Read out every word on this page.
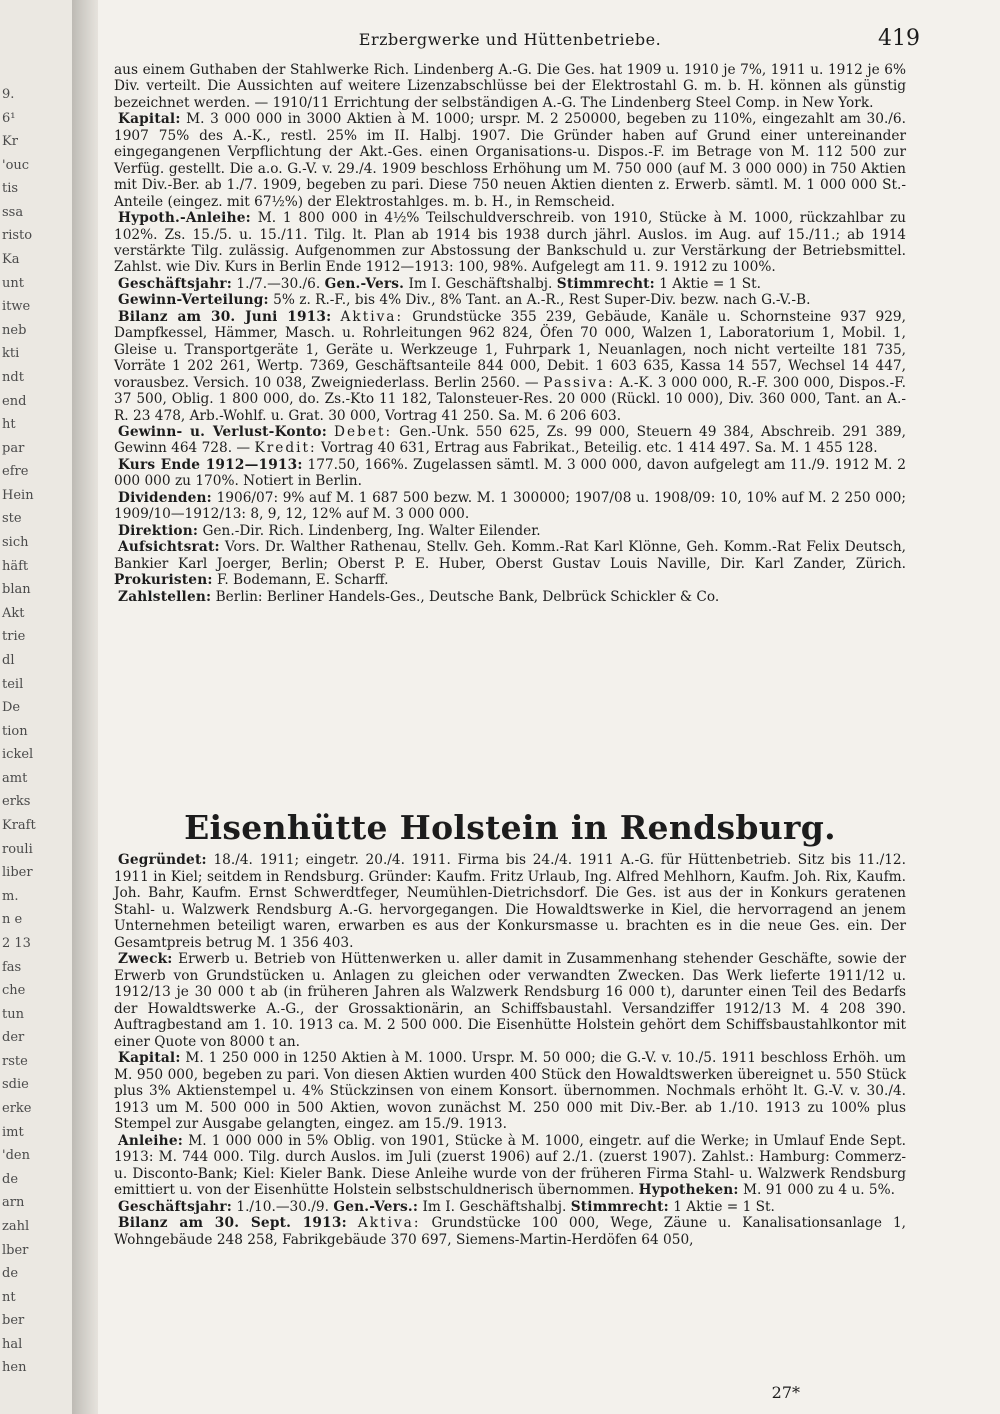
9.
6¹
Kr
'ouc
tis
ssa
risto
Ka
unt
itwe
neb
kti
ndt
end
ht
par
efre
Hein
ste
sich
häft
blan
Akt
trie
dl
teil
De
tion
ickel
amt
erks
Kraft
rouli
liber
m.
n e
2 13
fas
che
tun
der
rste
sdie
erke
imt
'den
de
arn
zahl
lber
de
nt
ber
hal
hen
Erzbergwerke und Hüttenbetriebe.	419

aus einem Guthaben der Stahlwerke Rich. Lindenberg A.-G. Die Ges. hat 1909 u. 1910 je 7%, 1911 u. 1912 je 6% Div. verteilt. Die Aussichten auf weitere Lizenzabschlüsse bei der Elektrostahl G. m. b. H. können als günstig bezeichnet werden. — 1910/11 Errichtung der selbständigen A.-G. The Lindenberg Steel Comp. in New York.

Kapital: M. 3 000 000 in 3000 Aktien à M. 1000; urspr. M. 2 250000, begeben zu 110%, eingezahlt am 30./6. 1907 75% des A.-K., restl. 25% im II. Halbj. 1907. Die Gründer haben auf Grund einer untereinander eingegangenen Verpflichtung der Akt.-Ges. einen Organisations-u. Dispos.-F. im Betrage von M. 112 500 zur Verfüg. gestellt. Die a.o. G.-V. v. 29./4. 1909 beschloss Erhöhung um M. 750 000 (auf M. 3 000 000) in 750 Aktien mit Div.-Ber. ab 1./7. 1909, begeben zu pari. Diese 750 neuen Aktien dienten z. Erwerb. sämtl. M. 1 000 000 St.-Anteile (eingez. mit 67½%) der Elektrostahlges. m. b. H., in Remscheid.

Hypoth.-Anleihe: M. 1 800 000 in 4½% Teilschuldverschreib. von 1910, Stücke à M. 1000, rückzahlbar zu 102%. Zs. 15./5. u. 15./11. Tilg. lt. Plan ab 1914 bis 1938 durch jährl. Auslos. im Aug. auf 15./11.; ab 1914 verstärkte Tilg. zulässig. Aufgenommen zur Abstossung der Bankschuld u. zur Verstärkung der Betriebsmittel. Zahlst. wie Div. Kurs in Berlin Ende 1912—1913: 100, 98%. Aufgelegt am 11. 9. 1912 zu 100%.

Geschäftsjahr: 1./7.—30./6. Gen.-Vers. Im I. Geschäftshalbj. Stimmrecht: 1 Aktie = 1 St.

Gewinn-Verteilung: 5% z. R.-F., bis 4% Div., 8% Tant. an A.-R., Rest Super-Div. bezw. nach G.-V.-B.

Bilanz am 30. Juni 1913: Aktiva: Grundstücke 355 239, Gebäude, Kanäle u. Schornsteine 937 929, Dampfkessel, Hämmer, Masch. u. Rohrleitungen 962 824, Öfen 70 000, Walzen 1, Laboratorium 1, Mobil. 1, Gleise u. Transportgeräte 1, Geräte u. Werkzeuge 1, Fuhrpark 1, Neuanlagen, noch nicht verteilte 181 735, Vorräte 1 202 261, Wertp. 7369, Geschäftsanteile 844 000, Debit. 1 603 635, Kassa 14 557, Wechsel 14 447, vorausbez. Versich. 10 038, Zweigniederlass. Berlin 2560. — Passiva: A.-K. 3 000 000, R.-F. 300 000, Dispos.-F. 37 500, Oblig. 1 800 000, do. Zs.-Kto 11 182, Talonsteuer-Res. 20 000 (Rückl. 10 000), Div. 360 000, Tant. an A.-R. 23 478, Arb.-Wohlf. u. Grat. 30 000, Vortrag 41 250. Sa. M. 6 206 603.

Gewinn- u. Verlust-Konto: Debet: Gen.-Unk. 550 625, Zs. 99 000, Steuern 49 384, Abschreib. 291 389, Gewinn 464 728. — Kredit: Vortrag 40 631, Ertrag aus Fabrikat., Beteilig. etc. 1 414 497. Sa. M. 1 455 128.

Kurs Ende 1912—1913: 177.50, 166%. Zugelassen sämtl. M. 3 000 000, davon aufgelegt am 11./9. 1912 M. 2 000 000 zu 170%. Notiert in Berlin.

Dividenden: 1906/07: 9% auf M. 1 687 500 bezw. M. 1 300000; 1907/08 u. 1908/09: 10, 10% auf M. 2 250 000; 1909/10—1912/13: 8, 9, 12, 12% auf M. 3 000 000.

Direktion: Gen.-Dir. Rich. Lindenberg, Ing. Walter Eilender.

Aufsichtsrat: Vors. Dr. Walther Rathenau, Stellv. Geh. Komm.-Rat Karl Klönne, Geh. Komm.-Rat Felix Deutsch, Bankier Karl Joerger, Berlin; Oberst P. E. Huber, Oberst Gustav Louis Naville, Dir. Karl Zander, Zürich. Prokuristen: F. Bodemann, E. Scharff.

Zahlstellen: Berlin: Berliner Handels-Ges., Deutsche Bank, Delbrück Schickler & Co.

Eisenhütte Holstein in Rendsburg.

Gegründet: 18./4. 1911; eingetr. 20./4. 1911. Firma bis 24./4. 1911 A.-G. für Hüttenbetrieb. Sitz bis 11./12. 1911 in Kiel; seitdem in Rendsburg. Gründer: Kaufm. Fritz Urlaub, Ing. Alfred Mehlhorn, Kaufm. Joh. Rix, Kaufm. Joh. Bahr, Kaufm. Ernst Schwerdtfeger, Neumühlen-Dietrichsdorf. Die Ges. ist aus der in Konkurs geratenen Stahl- u. Walzwerk Rendsburg A.-G. hervorgegangen. Die Howaldtswerke in Kiel, die hervorragend an jenem Unternehmen beteiligt waren, erwarben es aus der Konkursmasse u. brachten es in die neue Ges. ein. Der Gesamtpreis betrug M. 1 356 403.

Zweck: Erwerb u. Betrieb von Hüttenwerken u. aller damit in Zusammenhang stehender Geschäfte, sowie der Erwerb von Grundstücken u. Anlagen zu gleichen oder verwandten Zwecken. Das Werk lieferte 1911/12 u. 1912/13 je 30 000 t ab (in früheren Jahren als Walzwerk Rendsburg 16 000 t), darunter einen Teil des Bedarfs der Howaldtswerke A.-G., der Grossaktionärin, an Schiffsbaustahl. Versandziffer 1912/13 M. 4 208 390. Auftragbestand am 1. 10. 1913 ca. M. 2 500 000. Die Eisenhütte Holstein gehört dem Schiffsbaustahlkontor mit einer Quote von 8000 t an.

Kapital: M. 1 250 000 in 1250 Aktien à M. 1000. Urspr. M. 50 000; die G.-V. v. 10./5. 1911 beschloss Erhöh. um M. 950 000, begeben zu pari. Von diesen Aktien wurden 400 Stück den Howaldtswerken übereignet u. 550 Stück plus 3% Aktienstempel u. 4% Stückzinsen von einem Konsort. übernommen. Nochmals erhöht lt. G.-V. v. 30./4. 1913 um M. 500 000 in 500 Aktien, wovon zunächst M. 250 000 mit Div.-Ber. ab 1./10. 1913 zu 100% plus Stempel zur Ausgabe gelangten, eingez. am 15./9. 1913.

Anleihe: M. 1 000 000 in 5% Oblig. von 1901, Stücke à M. 1000, eingetr. auf die Werke; in Umlauf Ende Sept. 1913: M. 744 000. Tilg. durch Auslos. im Juli (zuerst 1906) auf 2./1. (zuerst 1907). Zahlst.: Hamburg: Commerz- u. Disconto-Bank; Kiel: Kieler Bank. Diese Anleihe wurde von der früheren Firma Stahl- u. Walzwerk Rendsburg emittiert u. von der Eisenhütte Holstein selbstschuldnerisch übernommen. Hypotheken: M. 91 000 zu 4 u. 5%.

Geschäftsjahr: 1./10.—30./9. Gen.-Vers.: Im I. Geschäftshalbj. Stimmrecht: 1 Aktie = 1 St.

Bilanz am 30. Sept. 1913: Aktiva: Grundstücke 100 000, Wege, Zäune u. Kanalisationsanlage 1, Wohngebäude 248 258, Fabrikgebäude 370 697, Siemens-Martin-Herdöfen 64 050,

27*
